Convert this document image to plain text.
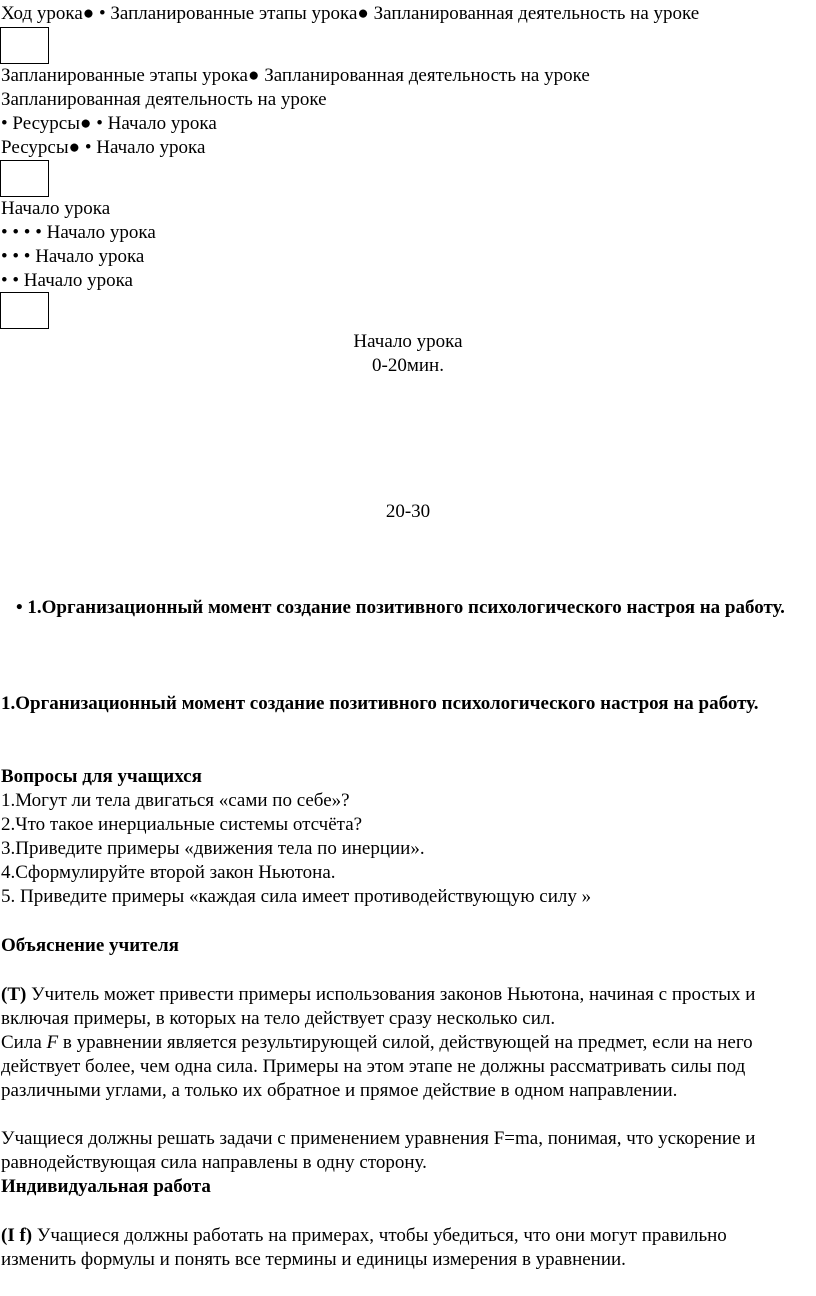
Ход урока● • Запланированные этапы урока● Запланированная деятельность на уроке
Запланированные этапы урока● Запланированная деятельность на уроке
Запланированная деятельность на уроке
• Ресурсы● • Начало урока
Ресурсы● • Начало урока
Начало урока
• • • • Начало урока
• • • Начало урока
• • Начало урока
Начало урока
0-20мин.
20-30
• 1.Организационный момент создание позитивного психологического настроя на работу.
1.Организационный момент создание позитивного психологического настроя на работу.
Вопросы для учащихся
1.Могут ли тела двигаться «сами по себе»?
2.Что такое инерциальные системы отсчёта?
3.Приведите примеры «движения тела по инерции».
4.Сформулируйте второй закон Ньютона.
5. Приведите примеры «каждая сила имеет противодействующую силу »
Объяснение учителя
(Т) Учитель может привести примеры использования законов Ньютона, начиная с простых и включая примеры, в которых на тело действует сразу несколько сил.
Сила F в уравнении является результирующей силой, действующей на предмет, если на него действует более, чем одна сила. Примеры на этом этапе не должны рассматривать силы под различными углами, а только их обратное и прямое действие в одном направлении.
Учащиеся должны решать задачи с применением уравнения F=ma, понимая, что ускорение и равнодействующая сила направлены в одну сторону.
Индивидуальная работа
(I f) Учащиеся должны работать на примерах, чтобы убедиться, что они могут правильно изменить формулы и понять все термины и единицы измерения в уравнении.
